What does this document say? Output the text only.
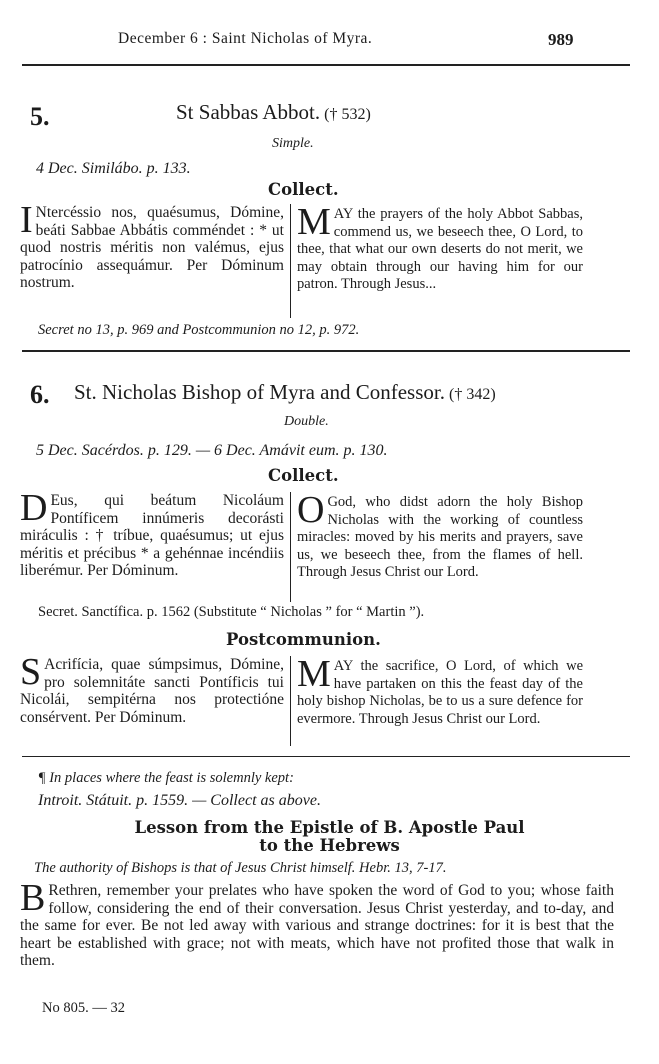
December 6 : Saint Nicholas of Myra.	989
5.	St Sabbas Abbot. († 532)
Simple.
4 Dec. Similábo. p. 133.
Collect.
I Ntercéssio nos, quaésumus, Dómine, beáti Sabbae Abbátis comméndet : * ut quod nostris méritis non valémus, ejus patrocínio assequámur. Per Dóminum nostrum.
MAY the prayers of the holy Abbot Sabbas, commend us, we beseech thee, O Lord, to thee, that what our own deserts do not merit, we may obtain through our having him for our patron. Through Jesus...
Secret no 13, p. 969 and Postcommunion no 12, p. 972.
6. St. Nicholas Bishop of Myra and Confessor. († 342)
Double.
5 Dec. Sacérdos. p. 129. — 6 Dec. Amávit eum. p. 130.
Collect.
D Eus, qui beátum Nicoláum Pontíficem innúmeris decorásti miráculis : † tríbue, quaésumus; ut ejus méritis et précibus * a gehénnae incéndiis liberémur. Per Dóminum.
O God, who didst adorn the holy Bishop Nicholas with the working of countless miracles: moved by his merits and prayers, save us, we beseech thee, from the flames of hell. Through Jesus Christ our Lord.
Secret. Sanctífica. p. 1562 (Substitute “ Nicholas ” for “ Martin ”).
Postcommunion.
S Acrifícia, quae súmpsimus, Dómine, pro solemnitáte sancti Pontíficis tui Nicolái, sempitérna nos protectióne consérvent. Per Dóminum.
MAY the sacrifice, O Lord, of which we have partaken on this the feast day of the holy bishop Nicholas, be to us a sure defence for evermore. Through Jesus Christ our Lord.
¶ In places where the feast is solemnly kept:
Introit. Státuit. p. 1559. — Collect as above.
Lesson from the Epistle of B. Apostle Paul
to the Hebrews
The authority of Bishops is that of Jesus Christ himself. Hebr. 13, 7-17.
B Rethren, remember your prelates who have spoken the word of God to you; whose faith follow, considering the end of their conversation. Jesus Christ yesterday, and to-day, and the same for ever. Be not led away with various and strange doctrines: for it is best that the heart be established with grace; not with meats, which have not profited those that walk in them.
No 805. — 32
